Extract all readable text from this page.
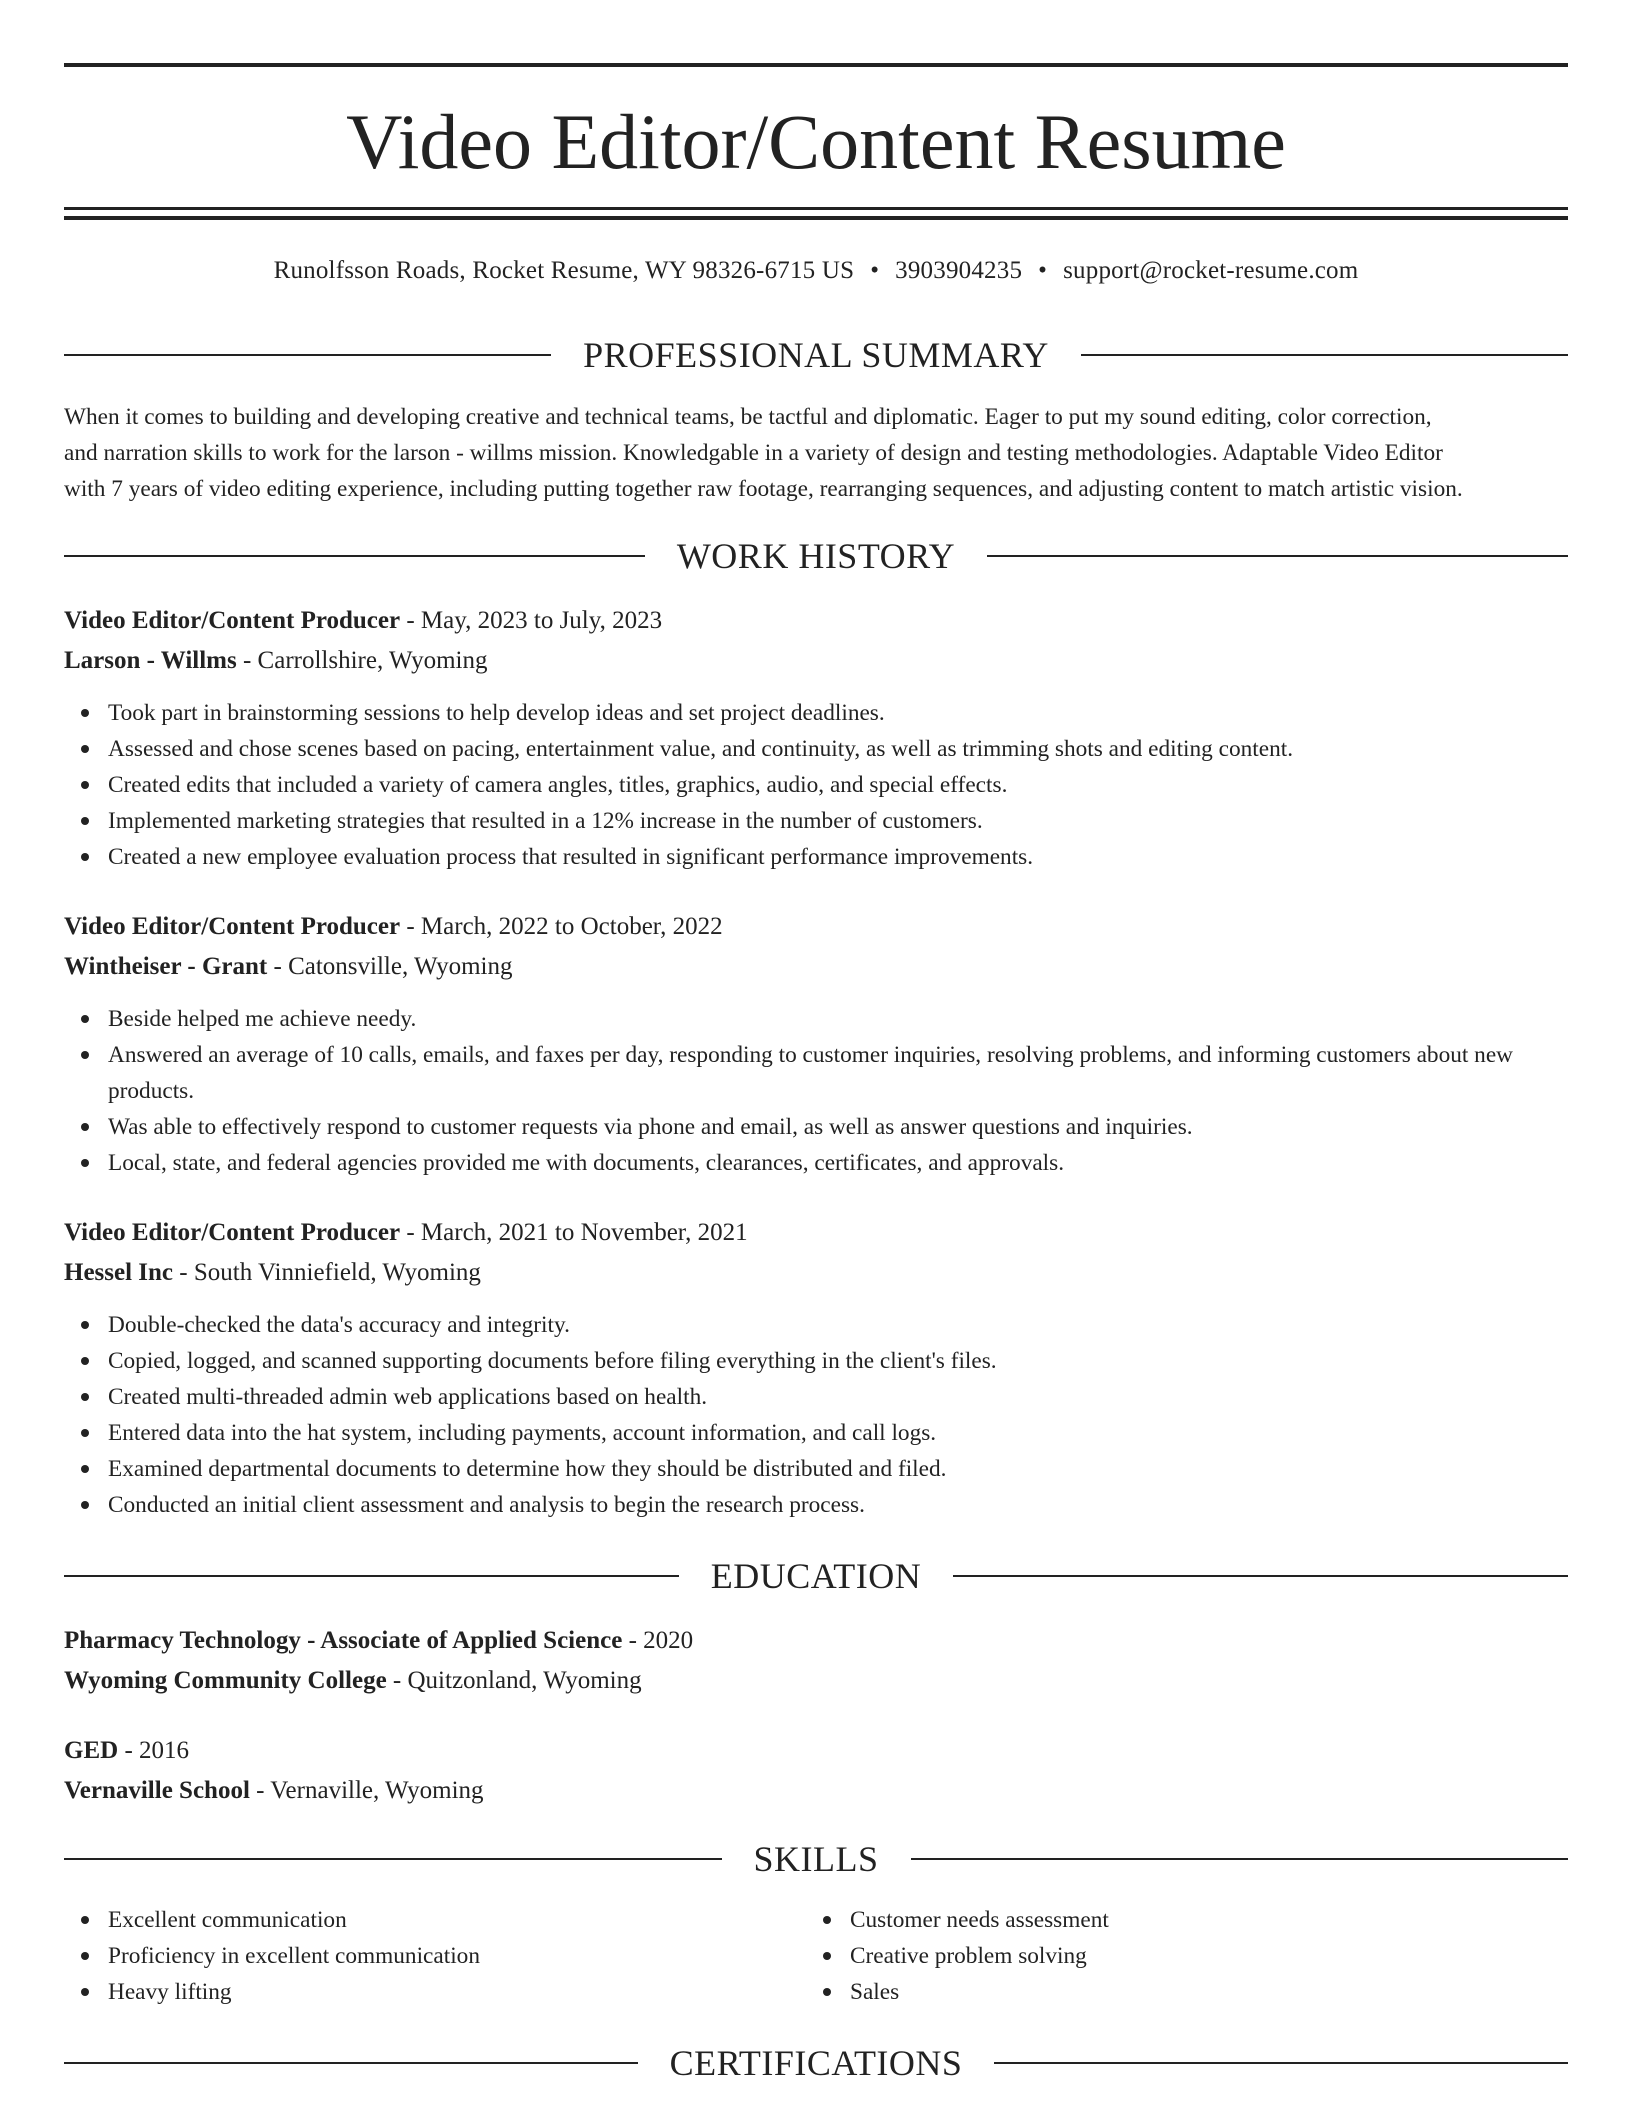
Video Editor/Content Resume
Runolfsson Roads, Rocket Resume, WY 98326-6715 US • 3903904235 • support@rocket-resume.com
PROFESSIONAL SUMMARY
When it comes to building and developing creative and technical teams, be tactful and diplomatic. Eager to put my sound editing, color correction,
and narration skills to work for the larson - willms mission. Knowledgable in a variety of design and testing methodologies. Adaptable Video Editor
with 7 years of video editing experience, including putting together raw footage, rearranging sequences, and adjusting content to match artistic vision.
WORK HISTORY
Video Editor/Content Producer - May, 2023 to July, 2023
Larson - Willms - Carrollshire, Wyoming
Took part in brainstorming sessions to help develop ideas and set project deadlines.
Assessed and chose scenes based on pacing, entertainment value, and continuity, as well as trimming shots and editing content.
Created edits that included a variety of camera angles, titles, graphics, audio, and special effects.
Implemented marketing strategies that resulted in a 12% increase in the number of customers.
Created a new employee evaluation process that resulted in significant performance improvements.
Video Editor/Content Producer - March, 2022 to October, 2022
Wintheiser - Grant - Catonsville, Wyoming
Beside helped me achieve needy.
Answered an average of 10 calls, emails, and faxes per day, responding to customer inquiries, resolving problems, and informing customers about new products.
Was able to effectively respond to customer requests via phone and email, as well as answer questions and inquiries.
Local, state, and federal agencies provided me with documents, clearances, certificates, and approvals.
Video Editor/Content Producer - March, 2021 to November, 2021
Hessel Inc - South Vinniefield, Wyoming
Double-checked the data's accuracy and integrity.
Copied, logged, and scanned supporting documents before filing everything in the client's files.
Created multi-threaded admin web applications based on health.
Entered data into the hat system, including payments, account information, and call logs.
Examined departmental documents to determine how they should be distributed and filed.
Conducted an initial client assessment and analysis to begin the research process.
EDUCATION
Pharmacy Technology - Associate of Applied Science - 2020
Wyoming Community College - Quitzonland, Wyoming
GED - 2016
Vernaville School - Vernaville, Wyoming
SKILLS
Excellent communication
Proficiency in excellent communication
Heavy lifting
Customer needs assessment
Creative problem solving
Sales
CERTIFICATIONS
